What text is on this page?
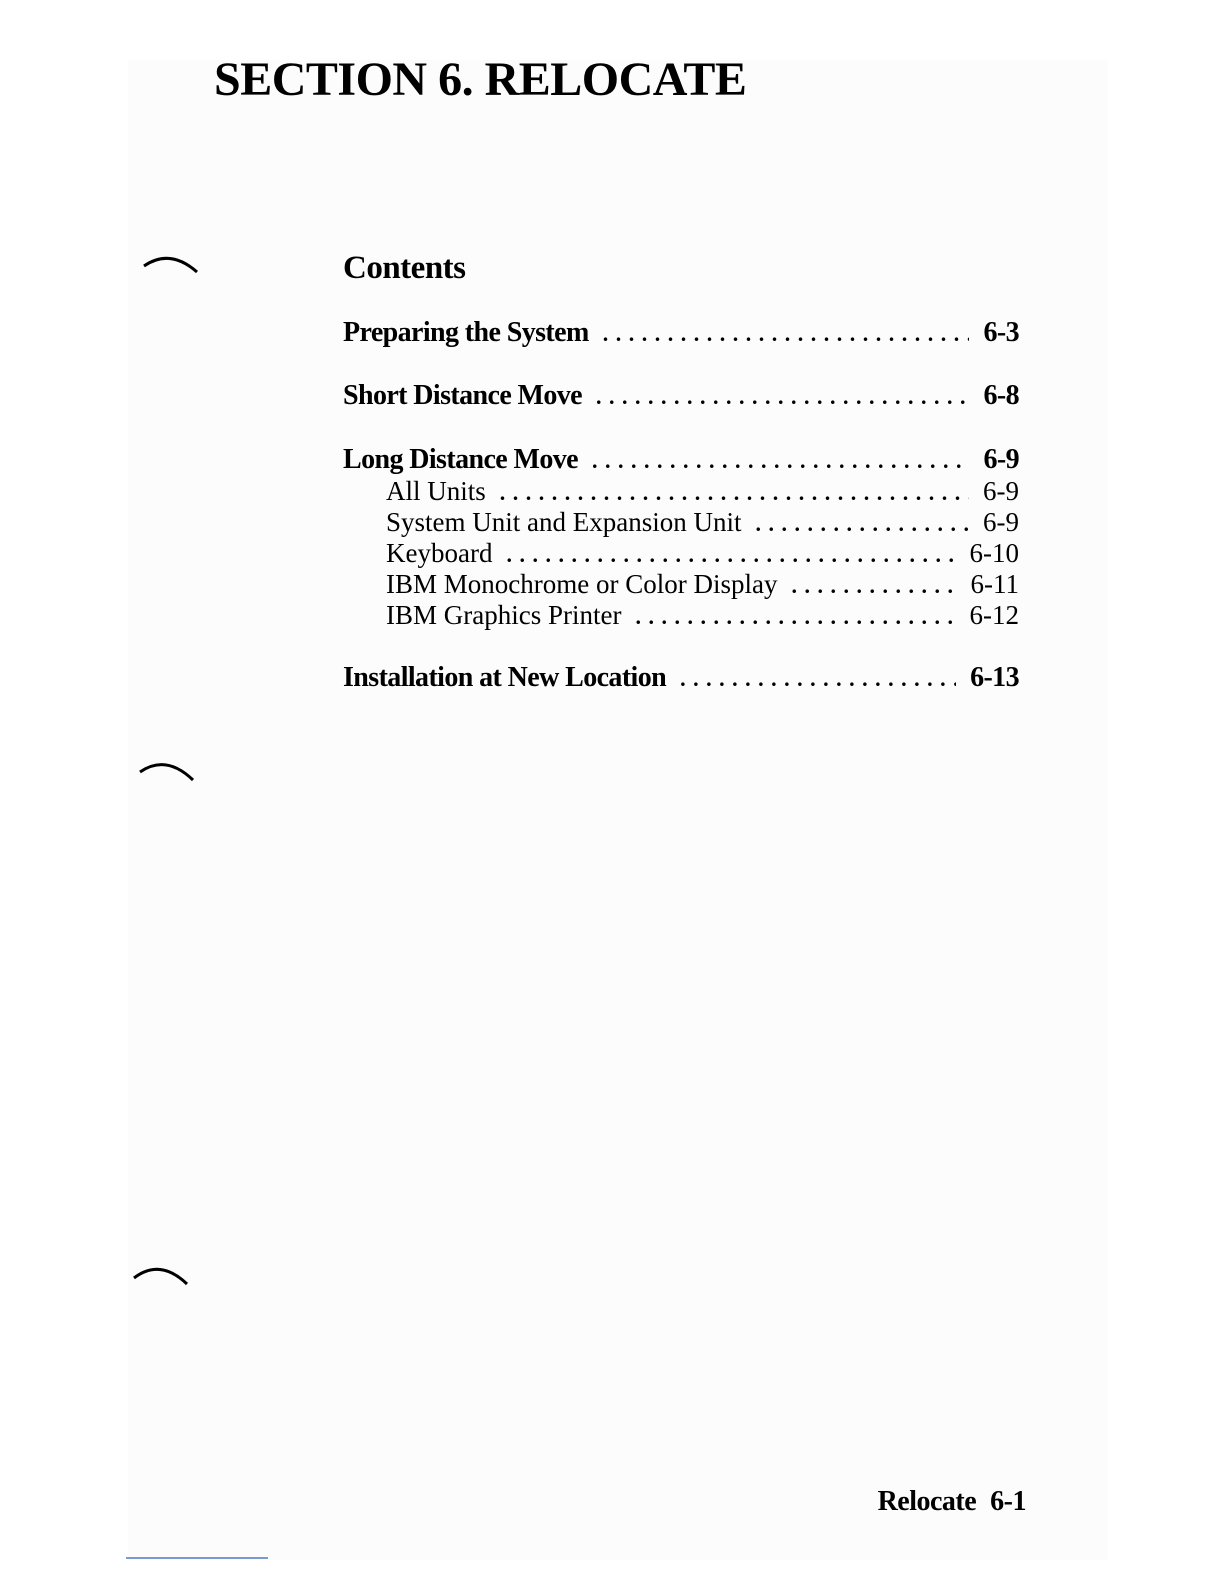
SECTION 6. RELOCATE
Contents
Preparing the System . . .	6-3
Short Distance Move . . .	6-8
Long Distance Move . . .	6-9
All Units . . .	6-9
System Unit and Expansion Unit . . .	6-9
Keyboard . . .	6-10
IBM Monochrome or Color Display . . .	6-11
IBM Graphics Printer . . .	6-12
Installation at New Location . . .	6-13
Relocate 6-1
